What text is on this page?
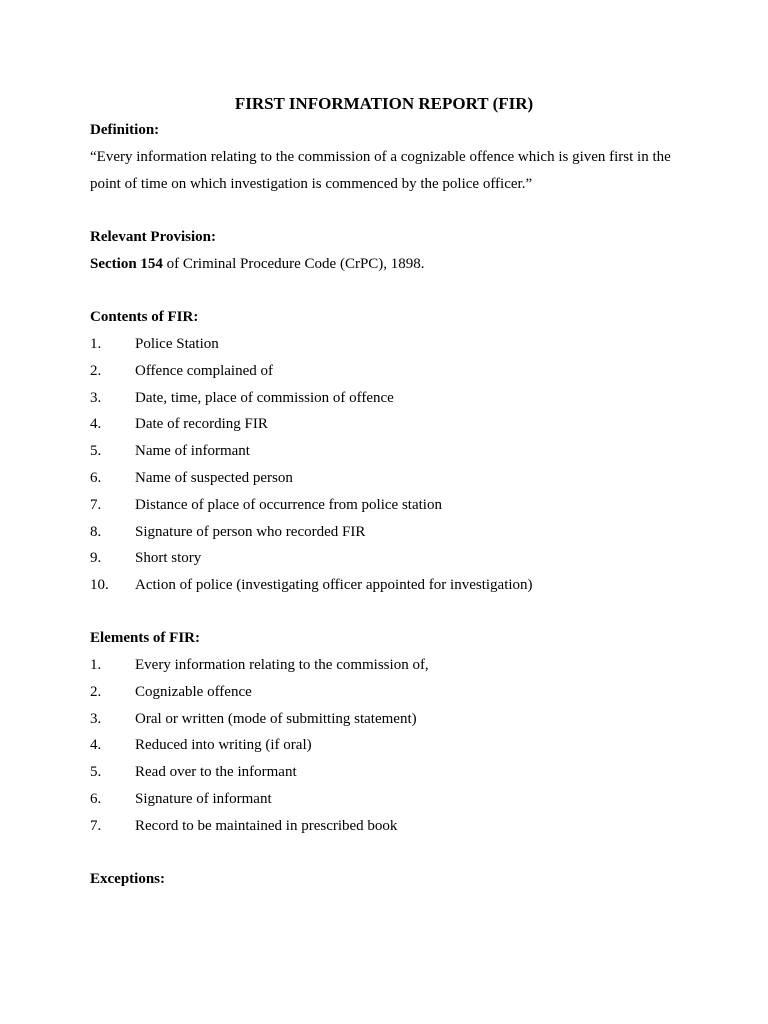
FIRST INFORMATION REPORT (FIR)

Definition:

“Every information relating to the commission of a cognizable offence which is given first in the point of time on which investigation is commenced by the police officer.”

Relevant Provision:

Section 154 of Criminal Procedure Code (CrPC), 1898.

Contents of FIR:

1.	Police Station
2.	Offence complained of
3.	Date, time, place of commission of offence
4.	Date of recording FIR
5.	Name of informant
6.	Name of suspected person
7.	Distance of place of occurrence from police station
8.	Signature of person who recorded FIR
9.	Short story
10.	Action of police (investigating officer appointed for investigation)

Elements of FIR:

1.	Every information relating to the commission of,
2.	Cognizable offence
3.	Oral or written (mode of submitting statement)
4.	Reduced into writing (if oral)
5.	Read over to the informant
6.	Signature of informant
7.	Record to be maintained in prescribed book

Exceptions:
